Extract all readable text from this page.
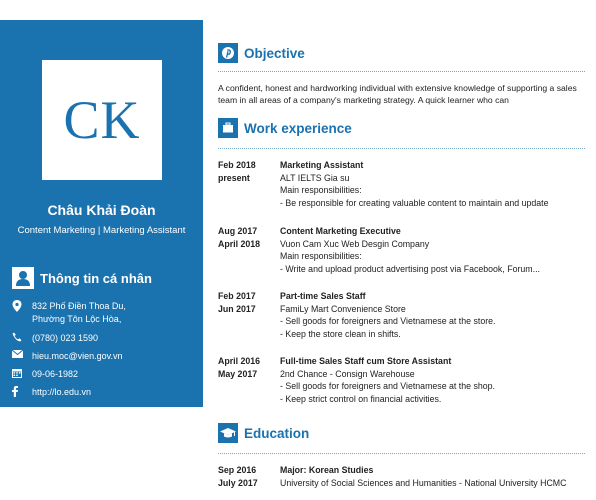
CK
Châu Khải Đoàn
Content Marketing | Marketing Assistant
Thông tin cá nhân
832 Phố Điền Thoa Du,
Phường Tôn Lộc Hòa,
(0780) 023 1590
hieu.moc@vien.gov.vn
09-06-1982
http://lo.edu.vn
Objective
A confident, honest and hardworking individual with extensive knowledge of supporting a sales team in all areas of a company's marketing strategy. A quick learner who can
Work experience
Feb 2018
present
Marketing Assistant
ALT IELTS Gia su
Main responsibilities:
- Be responsible for creating valuable content to maintain and update
Aug 2017
April 2018
Content Marketing Executive
Vuon Cam Xuc Web Desgin Company
Main responsibilities:
- Write and upload product advertising post via Facebook, Forum...
Feb 2017
Jun 2017
Part-time Sales Staff
FamiLy Mart Convenience Store
- Sell goods for foreigners and Vietnamese at the store.
- Keep the store clean in shifts.
April 2016
May 2017
Full-time Sales Staff cum Store Assistant
2nd Chance - Consign Warehouse
- Sell goods for foreigners and Vietnamese at the shop.
- Keep strict control on financial activities.
Education
Sep 2016
July 2017
Major: Korean Studies
University of Social Sciences and Humanities - National University HCMC
